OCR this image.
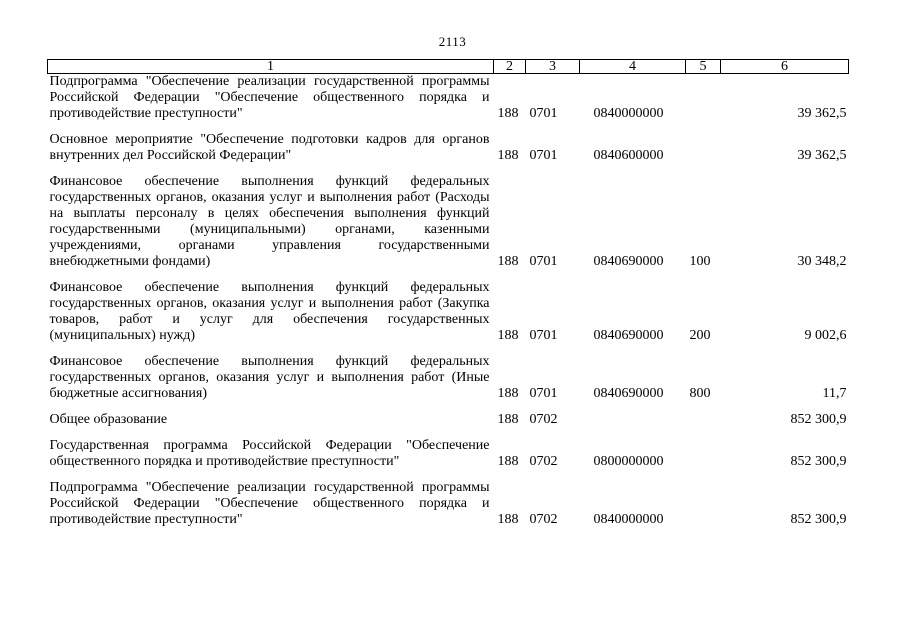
2113
1	2	3	4	5	6
Подпрограмма "Обеспечение реализации государственной программы Российской Федерации "Обеспечение общественного порядка и противодействие преступности"	188	0701	0840000000		39 362,5

Основное мероприятие "Обеспечение подготовки кадров для органов внутренних дел Российской Федерации"	188	0701	0840600000		39 362,5

Финансовое обеспечение выполнения функций федеральных государственных органов, оказания услуг и выполнения работ (Расходы на выплаты персоналу в целях обеспечения выполнения функций государственными (муниципальными) органами, казенными учреждениями, органами управления государственными внебюджетными фондами)	188	0701	0840690000	100	30 348,2

Финансовое обеспечение выполнения функций федеральных государственных органов, оказания услуг и выполнения работ (Закупка товаров, работ и услуг для обеспечения государственных (муниципальных) нужд)	188	0701	0840690000	200	9 002,6

Финансовое обеспечение выполнения функций федеральных государственных органов, оказания услуг и выполнения работ (Иные бюджетные ассигнования)	188	0701	0840690000	800	11,7

Общее образование	188	0702			852 300,9

Государственная программа Российской Федерации "Обеспечение общественного порядка и противодействие преступности"	188	0702	0800000000		852 300,9

Подпрограмма "Обеспечение реализации государственной программы Российской Федерации "Обеспечение общественного порядка и противодействие преступности"	188	0702	0840000000		852 300,9
